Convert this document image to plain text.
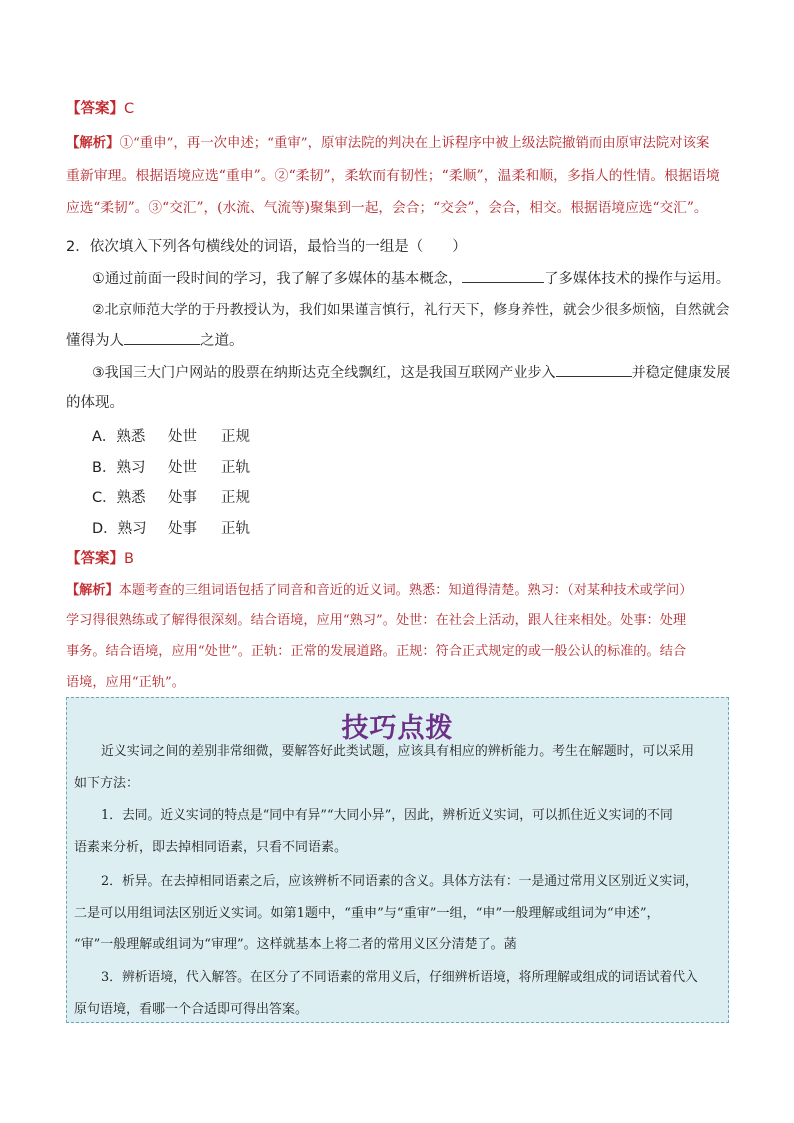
【答案】C
【解析】①“重申”，再一次申述；“重审”，原审法院的判决在上诉程序中被上级法院撤销而由原审法院对该案
重新审理。根据语境应选“重申”。②“柔韧”，柔软而有韧性；“柔顺”，温柔和顺，多指人的性情。根据语境
应选“柔韧”。③“交汇”，(水流、气流等)聚集到一起，会合；“交会”，会合，相交。根据语境应选“交汇”。
2．依次填入下列各句横线处的词语，最恰当的一组是（　　）
①通过前面一段时间的学习，我了解了多媒体的基本概念，	了多媒体技术的操作与运用。
②北京师范大学的于丹教授认为，我们如果谨言慎行，礼行天下，修身养性，就会少很多烦恼，自然就会
懂得为人	之道。
③我国三大门户网站的股票在纳斯达克全线飘红，这是我国互联网产业步入	并稳定健康发展
的体现。
A．熟悉 处世 正规
B．熟习 处世 正轨
C．熟悉 处事 正规
D．熟习 处事 正轨
【答案】B
【解析】本题考查的三组词语包括了同音和音近的近义词。熟悉：知道得清楚。熟习：（对某种技术或学问）
学习得很熟练或了解得很深刻。结合语境，应用“熟习”。处世：在社会上活动，跟人往来相处。处事：处理
事务。结合语境，应用“处世”。正轨：正常的发展道路。正规：符合正式规定的或一般公认的标准的。结合
语境，应用“正轨”。
技巧点拨
近义实词之间的差别非常细微，要解答好此类试题，应该具有相应的辨析能力。考生在解题时，可以采用
如下方法：
1．去同。近义实词的特点是“同中有异”“大同小异”，因此，辨析近义实词，可以抓住近义实词的不同
语素来分析，即去掉相同语素，只看不同语素。
2．析异。在去掉相同语素之后，应该辨析不同语素的含义。具体方法有：一是通过常用义区别近义实词，
二是可以用组词法区别近义实词。如第1题中，“重申”与“重审”一组，“申”一般理解或组词为“申述”，
“审”一般理解或组词为“审理”。这样就基本上将二者的常用义区分清楚了。菡
3．辨析语境，代入解答。在区分了不同语素的常用义后，仔细辨析语境，将所理解或组成的词语试着代入
原句语境，看哪一个合适即可得出答案。
